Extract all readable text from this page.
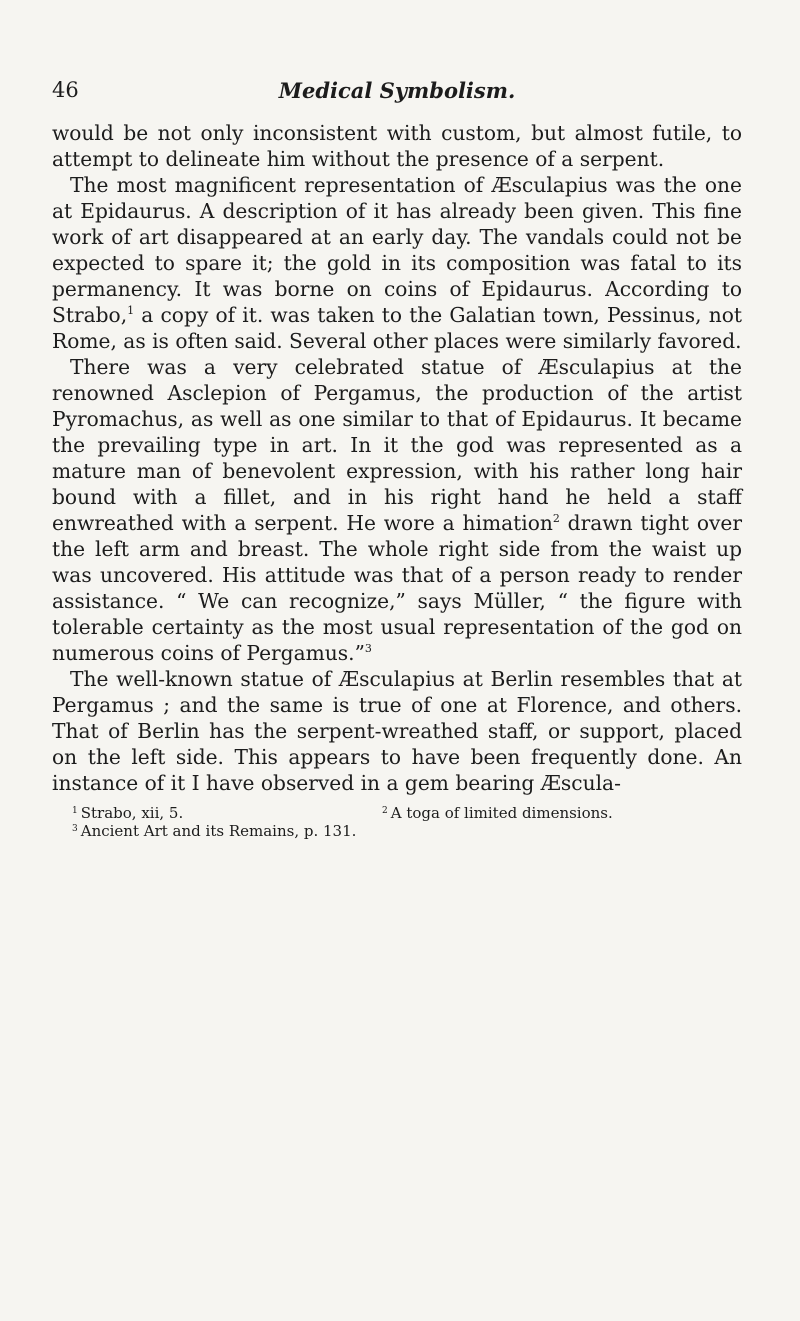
46	Medical Symbolism.

would be not only inconsistent with custom, but almost futile, to attempt to delineate him without the presence of a serpent.

The most magnificent representation of Æsculapius was the one at Epidaurus. A description of it has already been given. This fine work of art disappeared at an early day. The vandals could not be expected to spare it; the gold in its composition was fatal to its permanency. It was borne on coins of Epidaurus. According to Strabo,$^1$ a copy of it. was taken to the Galatian town, Pessinus, not Rome, as is often said. Several other places were similarly favored.

There was a very celebrated statue of Æsculapius at the renowned Asclepion of Pergamus, the production of the artist Pyromachus, as well as one similar to that of Epidaurus. It became the prevailing type in art. In it the god was represented as a mature man of benevolent expression, with his rather long hair bound with a fillet, and in his right hand he held a staff enwreathed with a serpent. He wore a himation$^2$ drawn tight over the left arm and breast. The whole right side from the waist up was uncovered. His attitude was that of a person ready to render assistance. “ We can recognize,” says Müller, “ the figure with tolerable certainty as the most usual representation of the god on numerous coins of Pergamus.”$^3$

The well-known statue of Æsculapius at Berlin resembles that at Pergamus ; and the same is true of one at Florence, and others. That of Berlin has the serpent-wreathed staff, or support, placed on the left side. This appears to have been frequently done. An instance of it I have observed in a gem bearing Æscula-

$^1$ Strabo, xii, 5.	$^2$ A toga of limited dimensions.
$^3$ Ancient Art and its Remains, p. 131.
